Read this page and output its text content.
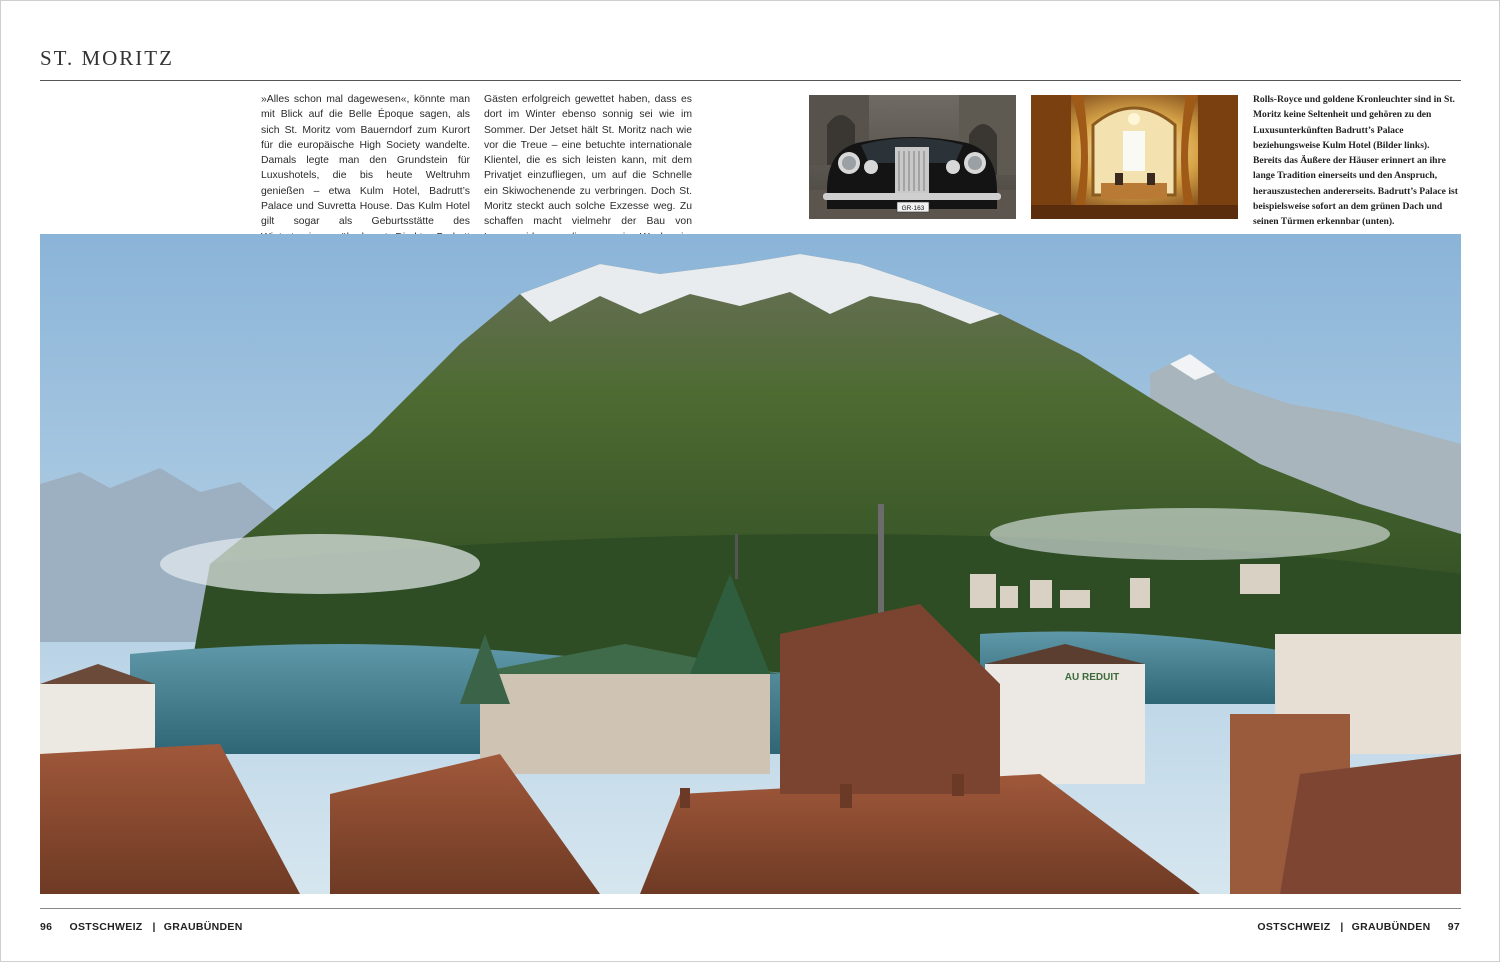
ST. MORITZ
»Alles schon mal dagewesen«, könnte man mit Blick auf die Belle Époque sagen, als sich St. Moritz vom Bauerndorf zum Kurort für die europäische High Society wandelte. Damals legte man den Grundstein für Luxushotels, die bis heute Weltruhm genießen – etwa Kulm Hotel, Badrutt’s Palace und Suvretta House. Das Kulm Hotel gilt sogar als Geburtsstätte des
Gästen erfolgreich gewettet haben, dass es dort im Winter ebenso sonnig sei wie im Sommer. Der Jetset hält St. Moritz nach wie vor die Treue – eine betuchte internationale Klientel, die es sich leisten kann, mit dem Privatjet einzufliegen, um auf die Schnelle ein Skiwochenende zu verbringen. Doch St. Moritz steckt auch solche Exzesse weg. Zu schaffen macht vielmehr der Bau von
GR·163
Rolls-Royce und goldene Kronleuchter sind in St. Moritz keine Seltenheit und gehören zu den Luxusunterkünften Badrutt’s Palace beziehungsweise Kulm Hotel (Bilder links). Bereits das Äußere der Häuser erinnert an ihre lange Tradition einerseits und den Anspruch, herauszustechen andererseits. Badrutt’s Palace ist beispielsweise sofort an dem grünen Dach und seinen Türmen erkennbar (unten).
AU REDUIT
96 OSTSCHWEIZ | GRAUBÜNDEN	OSTSCHWEIZ | GRAUBÜNDEN 97
